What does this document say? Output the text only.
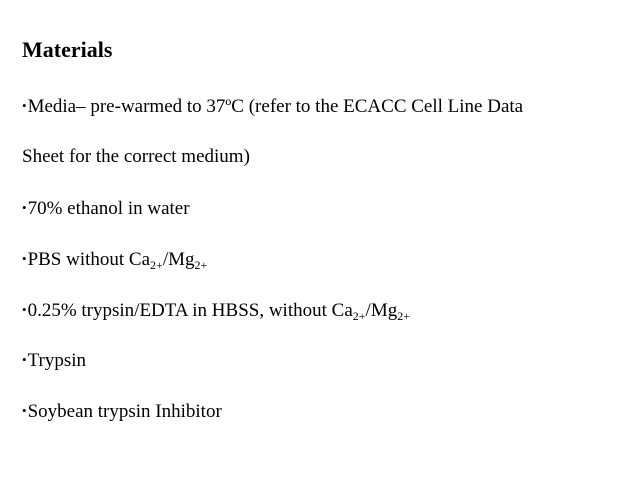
Materials
•Media– pre-warmed to 37ºC (refer to the ECACC Cell Line Data
Sheet for the correct medium)
•70% ethanol in water
•PBS without $Ca_{2+}/Mg_{2+}$
•0.25% trypsin/EDTA in HBSS, without $Ca_{2+}/Mg_{2+}$
•Trypsin
•Soybean trypsin Inhibitor
